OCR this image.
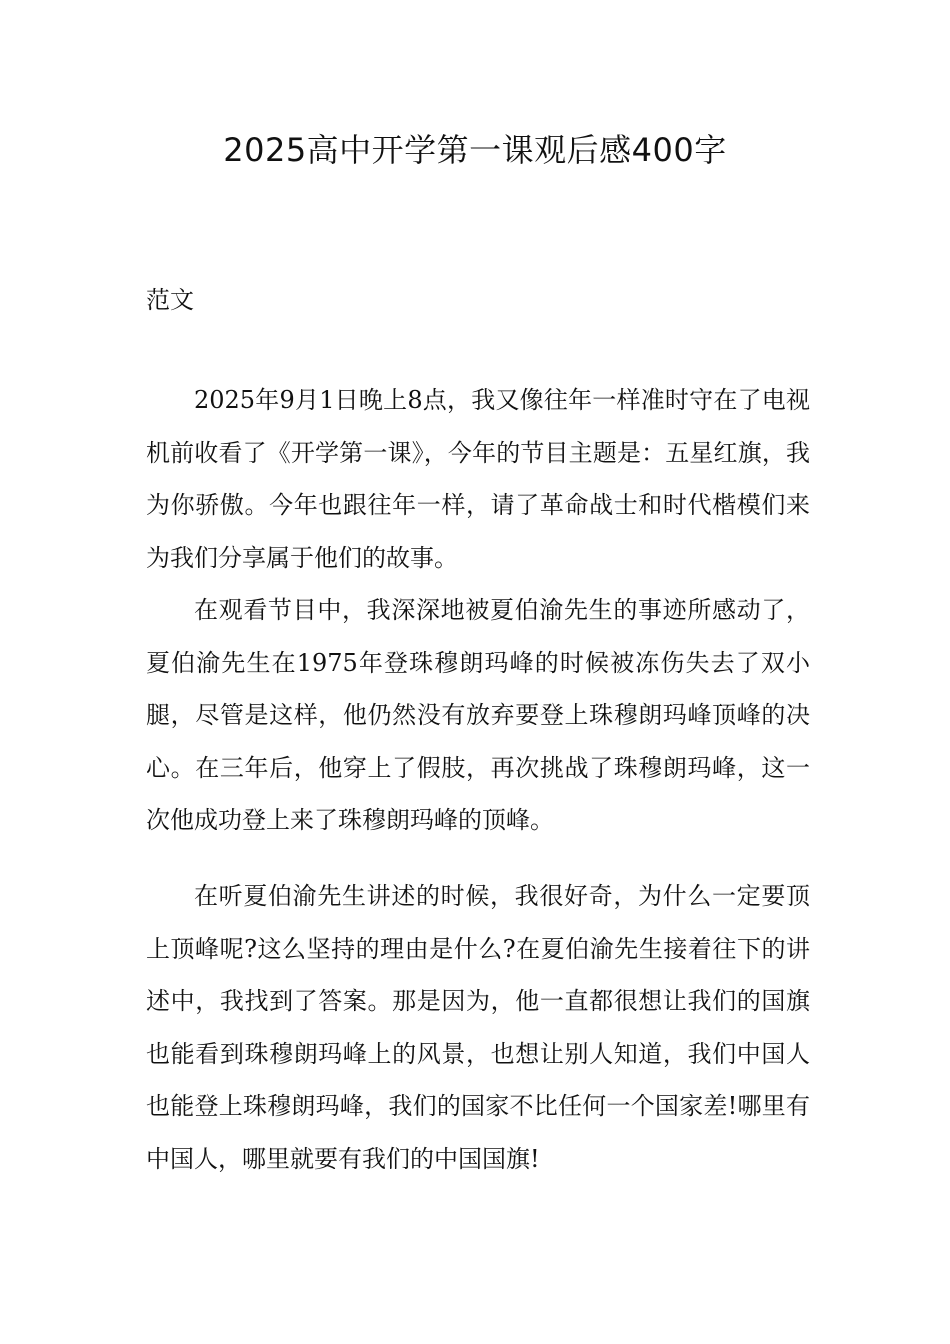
2025高中开学第一课观后感400字
范文

2025年9月1日晚上8点，我又像往年一样准时守在了电视机前收看了《开学第一课》，今年的节目主题是：五星红旗，我为你骄傲。今年也跟往年一样，请了革命战士和时代楷模们来为我们分享属于他们的故事。

在观看节目中，我深深地被夏伯渝先生的事迹所感动了，夏伯渝先生在1975年登珠穆朗玛峰的时候被冻伤失去了双小腿，尽管是这样，他仍然没有放弃要登上珠穆朗玛峰顶峰的决心。在三年后，他穿上了假肢，再次挑战了珠穆朗玛峰，这一次他成功登上来了珠穆朗玛峰的顶峰。

在听夏伯渝先生讲述的时候，我很好奇，为什么一定要顶上顶峰呢?这么坚持的理由是什么?在夏伯渝先生接着往下的讲述中，我找到了答案。那是因为，他一直都很想让我们的国旗也能看到珠穆朗玛峰上的风景，也想让别人知道，我们中国人也能登上珠穆朗玛峰，我们的国家不比任何一个国家差!哪里有中国人，哪里就要有我们的中国国旗!
